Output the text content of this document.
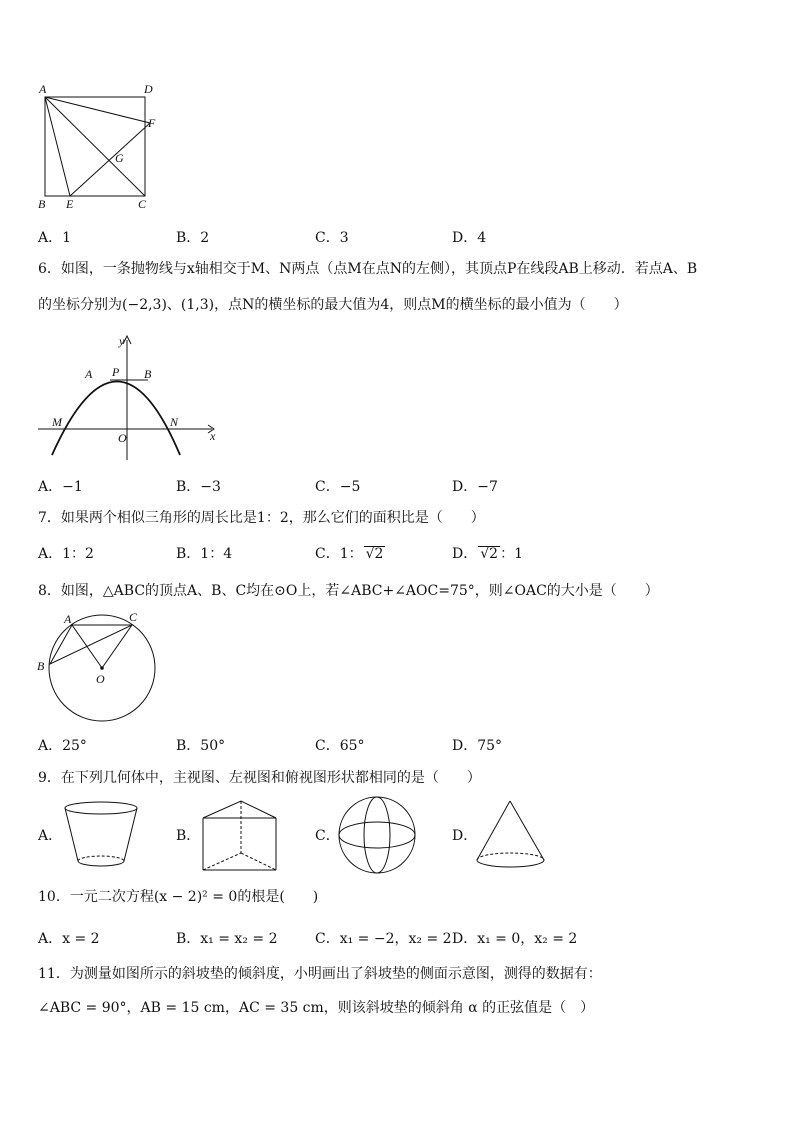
A	D
F
G
B E	C
A．1	B．2	C．3	D．4
6．如图，一条抛物线与x轴相交于M、N两点（点M在点N的左侧），其顶点P在线段AB上移动．若点A、B
的坐标分别为(−2,3)、(1,3)，点N的横坐标的最大值为4，则点M的横坐标的最小值为（　　）
y
A P B
M
O
N
x
A．−1	B．−3	C．−5	D．−7
7．如果两个相似三角形的周长比是1：2，那么它们的面积比是（　　）
A．1：2	B．1：4	C．1： √2	D． √2 ：1
8．如图，△ABC的顶点A、B、C均在⊙O上，若∠ABC+∠AOC=75°，则∠OAC的大小是（　　）
A	C
B
O
A．25°	B．50°	C．65°	D．75°
9．在下列几何体中，主视图、左视图和俯视图形状都相同的是（　　）
A．	B．	C．	D．
10．一元二次方程(x − 2)² = 0的根是(　　)
A．x = 2	B．x₁ = x₂ = 2	C．x₁ = −2，x₂ = 2 D．x₁ = 0，x₂ = 2
11．为测量如图所示的斜坡垫的倾斜度，小明画出了斜坡垫的侧面示意图，测得的数据有：
∠ABC = 90°，AB = 15 cm，AC = 35 cm，则该斜坡垫的倾斜角 α 的正弦值是（　）
